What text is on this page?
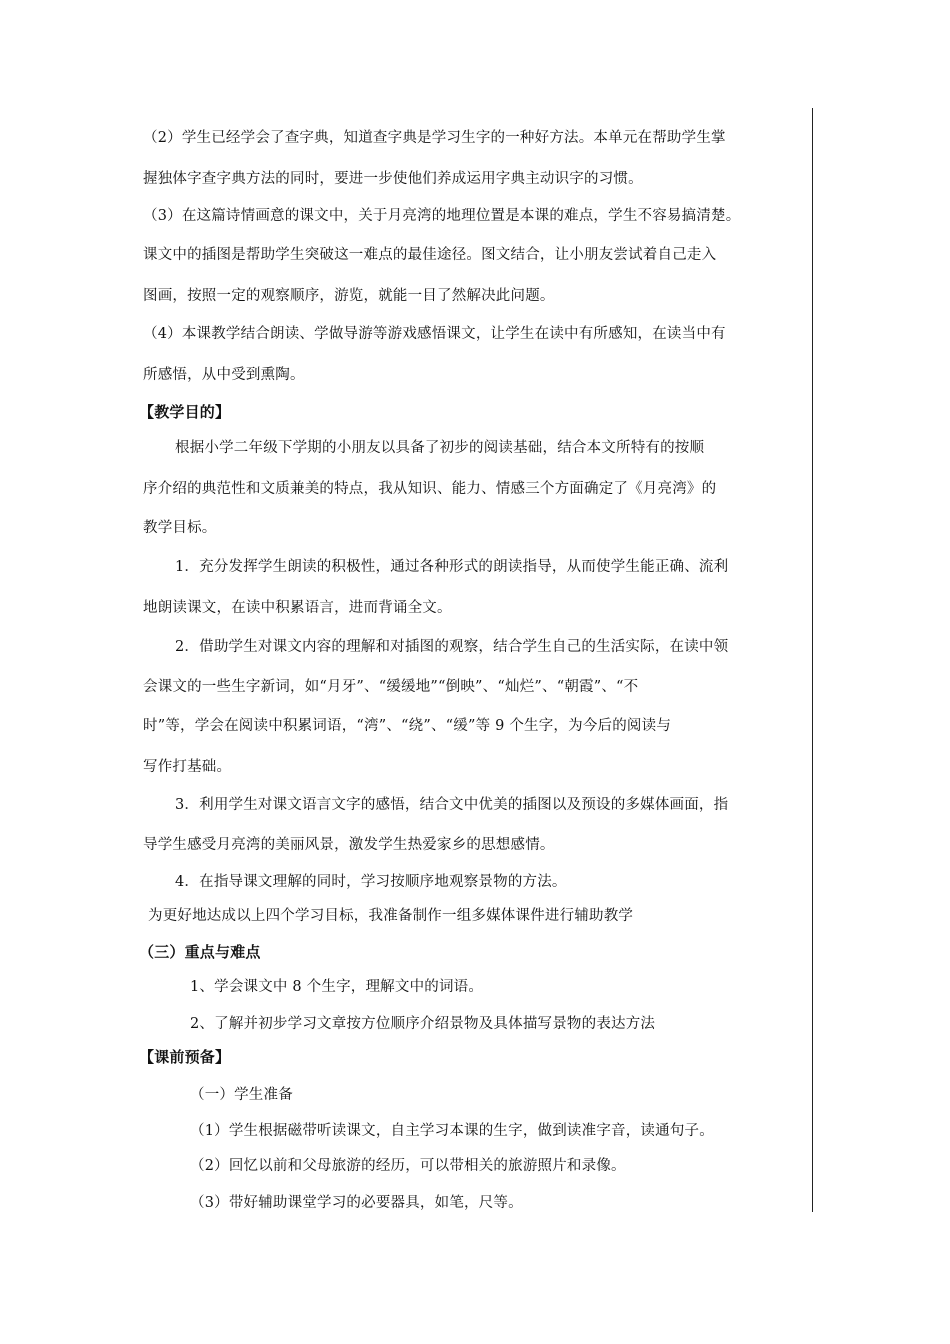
（2）学生已经学会了查字典，知道查字典是学习生字的一种好方法。本单元在帮助学生掌
握独体字查字典方法的同时，要进一步使他们养成运用字典主动识字的习惯。
（3）在这篇诗情画意的课文中，关于月亮湾的地理位置是本课的难点，学生不容易搞清楚。
课文中的插图是帮助学生突破这一难点的最佳途径。图文结合，让小朋友尝试着自己走入
图画，按照一定的观察顺序，游览，就能一目了然解决此问题。
（4）本课教学结合朗读、学做导游等游戏感悟课文，让学生在读中有所感知，在读当中有
所感悟，从中受到熏陶。
【教学目的】
根据小学二年级下学期的小朋友以具备了初步的阅读基础，结合本文所特有的按顺
序介绍的典范性和文质兼美的特点，我从知识、能力、情感三个方面确定了《月亮湾》的
教学目标。
1．充分发挥学生朗读的积极性，通过各种形式的朗读指导，从而使学生能正确、流利
地朗读课文，在读中积累语言，进而背诵全文。
2．借助学生对课文内容的理解和对插图的观察，结合学生自己的生活实际，在读中领
会课文的一些生字新词，如“月牙”、“缓缓地”“倒映”、“灿烂”、“朝霞”、“不
时”等，学会在阅读中积累词语，“湾”、“绕”、“缓”等 9 个生字，为今后的阅读与
写作打基础。
3．利用学生对课文语言文字的感悟，结合文中优美的插图以及预设的多媒体画面，指
导学生感受月亮湾的美丽风景，激发学生热爱家乡的思想感情。
4．在指导课文理解的同时，学习按顺序地观察景物的方法。
为更好地达成以上四个学习目标，我准备制作一组多媒体课件进行辅助教学
（三）重点与难点
1、学会课文中 8 个生字，理解文中的词语。
2、了解并初步学习文章按方位顺序介绍景物及具体描写景物的表达方法
【课前预备】
（一）学生准备
（1）学生根据磁带听读课文，自主学习本课的生字，做到读准字音，读通句子。
（2）回忆以前和父母旅游的经历，可以带相关的旅游照片和录像。
（3）带好辅助课堂学习的必要器具，如笔，尺等。
